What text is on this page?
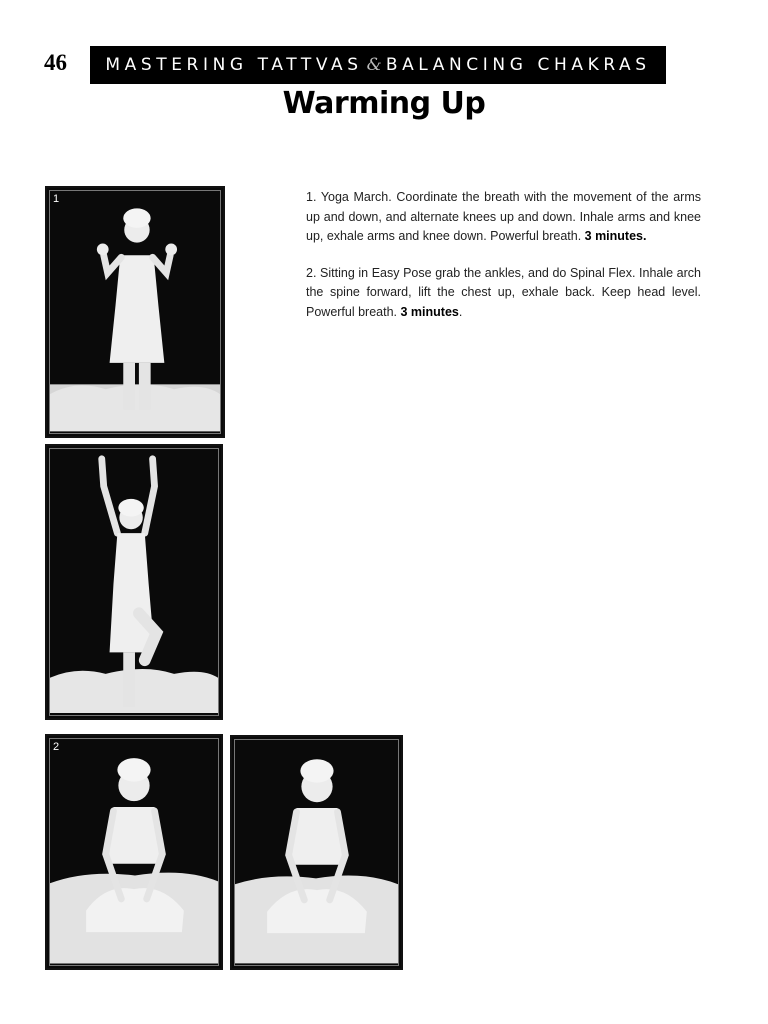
46 MASTERING TATTVAS & BALANCING CHAKRAS
Warming Up
1
2

1. Yoga March. Coordinate the breath with the movement of the arms up and down, and alternate knees up and down. Inhale arms and knee up, exhale arms and knee down. Powerful breath. 3 minutes.

2. Sitting in Easy Pose grab the ankles, and do Spinal Flex. Inhale arch the spine forward, lift the chest up, exhale back. Keep head level. Powerful breath. 3 minutes.
